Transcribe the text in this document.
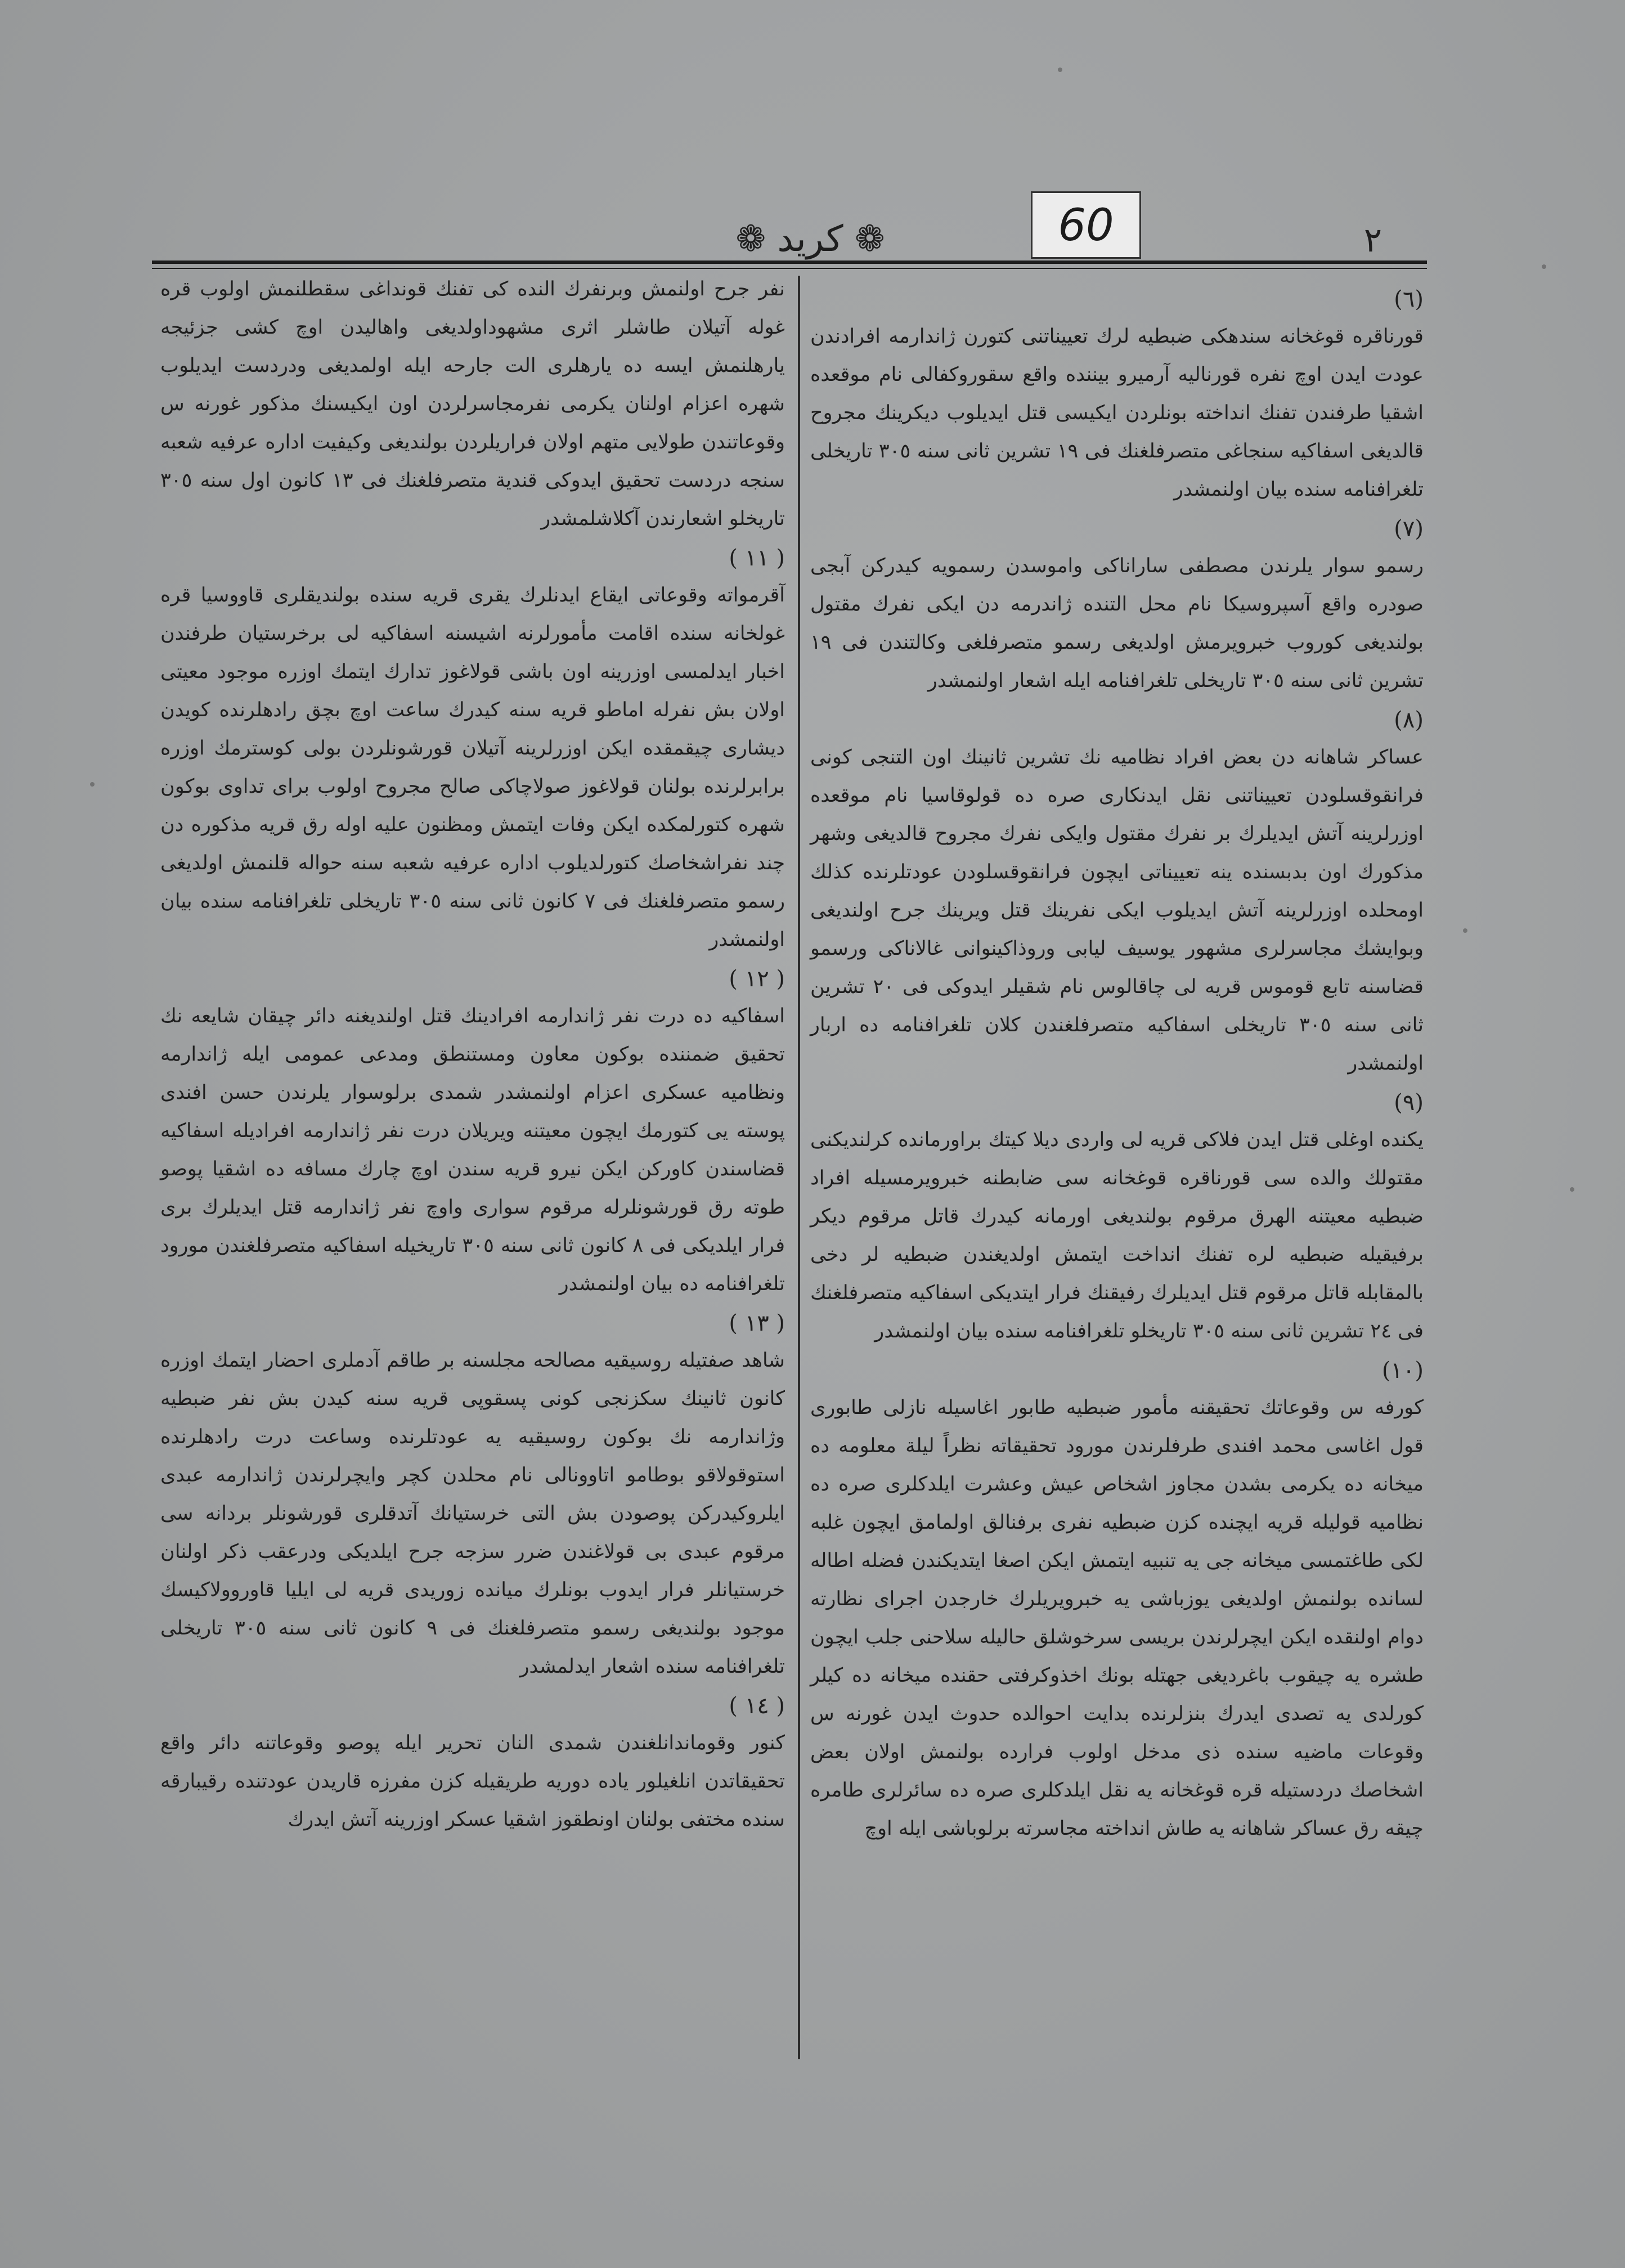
❁ كريد ❁	60	٢
(٦)
قورناقره قوغخانه سندهكى ضبطيه لرك تعييناتنى كتورن ژاندارمه افرادندن عودت ايدن اوچ نفره قورناليه آرميرو بيننده واقع سقوروكفالى نام موقعده اشقيا طرفندن تفنك انداخته بونلردن ايكيسى قتل ايديلوب ديكرينك مجروح قالديغى اسفاكيه سنجاغى متصرفلغنك فى ١٩ تشرين ثانى سنه ٣٠٥ تاريخلى تلغرافنامه سنده بيان اولنمشدر
(٧)
رسمو سوار يلرندن مصطفى ساراناكى واموسدن رسمويه كيدركن آبجى صودره واقع آسپروسيكا نام محل التنده ژاندرمه دن ايكى نفرك مقتول بولنديغى كوروب خبرويرمش اولديغى رسمو متصرفلغى وكالتندن فى ١٩ تشرين ثانى سنه ٣٠٥ تاريخلى تلغرافنامه ايله اشعار اولنمشدر
(٨)
عساكر شاهانه دن بعض افراد نظاميه نك تشرين ثانينك اون التنجى كونى فرانقوقسلودن تعييناتنى نقل ايدنكارى صره ده قولوقاسيا نام موقعده اوزرلرينه آتش ايديلرك بر نفرك مقتول وايكى نفرك مجروح قالديغى وشهر مذكورك اون بدبسنده ينه تعييناتى ايچون فرانقوقسلودن عودتلرنده كذلك اومحلده اوزرلرينه آتش ايديلوب ايكى نفرينك قتل ويرينك جرح اولنديغى وبوايشك مجاسرلرى مشهور يوسيف ليابى وروذاكينوانى غالاناكى ورسمو قضاسنه تابع قوموس قريه لى چاقالوس نام شقيلر ايدوكى فى ٢٠ تشرين ثانى سنه ٣٠٥ تاريخلى اسفاكيه متصرفلغندن كلان تلغرافنامه ده اربار اولنمشدر
(٩)
يكنده اوغلى قتل ايدن فلاكى قريه لى واردى ديلا كيتك براورمانده كرلنديكنى مقتولك والده سى قورناقره قوغخانه سى ضابطنه خبرويرمسيله افراد ضبطيه معيتنه الهرق مرقوم بولنديغى اورمانه كيدرك قاتل مرقوم ديكر برفيقيله ضبطيه لره تفنك انداخت ايتمش اولديغندن ضبطيه لر دخى بالمقابله قاتل مرقوم قتل ايديلرك رفيقنك فرار ايتديكى اسفاكيه متصرفلغنك فى ٢٤ تشرين ثانى سنه ٣٠٥ تاريخلو تلغرافنامه سنده بيان اولنمشدر
(١٠)
كورفه س وقوعاتك تحقيقنه مأمور ضبطيه طابور اغاسيله نازلى طابورى قول اغاسى محمد افندى طرفلرندن مورود تحقيقاته نظراً ليلة معلومه ده ميخانه ده يكرمى بشدن مجاوز اشخاص عيش وعشرت ايلدكلرى صره ده نظاميه قوليله قريه ايچنده كزن ضبطيه نفرى برفنالق اولمامق ايچون غلبه لكى طاغتمسى ميخانه جى يه تنبيه ايتمش ايكن اصغا ايتديكندن فضله اطاله لسانده بولنمش اولديغى يوزباشى يه خبرويريلرك خارجدن اجراى نظارته دوام اولنقده ايكن ايچرلرندن بريسى سرخوشلق حاليله سلاحنى جلب ايچون طشره يه چيقوب باغرديغى جهتله بونك اخذوكرفتى حقنده ميخانه ده كيلر كورلدى يه تصدى ايدرك بنزلرنده بدايت احوالده حدوث ايدن غورنه س وقوعات ماضيه سنده ذى مدخل اولوب فرارده بولنمش اولان بعض اشخاصك دردستيله قره قوغخانه يه نقل ايلدكلرى صره ده سائرلرى طامره چيقه رق عساكر شاهانه يه طاش انداخته مجاسرته برلوباشى ايله اوچ
نفر جرح اولنمش وبرنفرك النده كى تفنك قونداغى سقطلنمش اولوب قره غوله آتيلان طاشلر اثرى مشهوداولديغى واهاليدن اوچ كشى جزئيجه يارهلنمش ايسه ده يارهلرى الت جارحه ايله اولمديغى ودردست ايديلوب شهره اعزام اولنان يكرمى نفرمجاسرلردن اون ايكيسنك مذكور غورنه س وقوعاتندن طولايى متهم اولان فراريلردن بولنديغى وكيفيت اداره عرفيه شعبه سنجه دردست تحقيق ايدوكى قندية متصرفلغنك فى ١٣ كانون اول سنه ٣٠٥ تاريخلو اشعارندن آكلاشلمشدر
( ١١ )
آقرمواته وقوعاتى ايقاع ايدنلرك يقرى قريه سنده بولنديقلرى قاووسيا قره غولخانه سنده اقامت مأمورلرنه اشيسنه اسفاكيه لى برخرستيان طرفندن اخبار ايدلمسى اوزرينه اون باشى قولاغوز تدارك ايتمك اوزره موجود معيتى اولان بش نفرله اماطو قريه سنه كيدرك ساعت اوچ بچق رادهلرنده كويدن ديشارى چيقمقده ايكن اوزرلرينه آتيلان قورشونلردن بولى كوسترمك اوزره برابرلرنده بولنان قولاغوز صولاچاكى صالح مجروح اولوب براى تداوى بوكون شهره كتورلمكده ايكن وفات ايتمش ومظنون عليه اوله رق قريه مذكوره دن چند نفراشخاصك كتورلديلوب اداره عرفيه شعبه سنه حواله قلنمش اولديغى رسمو متصرفلغنك فى ٧ كانون ثانى سنه ٣٠٥ تاريخلى تلغرافنامه سنده بيان اولنمشدر
( ١٢ )
اسفاكيه ده درت نفر ژاندارمه افرادينك قتل اولنديغنه دائر چيقان شايعه نك تحقيق ضمننده بوكون معاون ومستنطق ومدعى عمومى ايله ژاندارمه ونظاميه عسكرى اعزام اولنمشدر شمدى برلوسوار يلرندن حسن افندى پوسته يى كتورمك ايچون معيتنه ويريلان درت نفر ژاندارمه افراديله اسفاكيه قضاسندن كاوركن ايكن نيرو قريه سندن اوچ چارك مسافه ده اشقيا پوصو طوته رق قورشونلرله مرقوم سوارى واوچ نفر ژاندارمه قتل ايديلرك برى فرار ايلديكى فى ٨ كانون ثانى سنه ٣٠٥ تاريخيله اسفاكيه متصرفلغندن مورود تلغرافنامه ده بيان اولنمشدر
( ١٣ )
شاهد صفتيله روسيقيه مصالحه مجلسنه بر طاقم آدملرى احضار ايتمك اوزره كانون ثانينك سكزنجى كونى پسقوپى قريه سنه كيدن بش نفر ضبطيه وژاندارمه نك بوكون روسيقيه يه عودتلرنده وساعت درت رادهلرنده استوقولاقو بوطامو اتاوونالى نام محلدن كچر وايچرلرندن ژاندارمه عبدى ايلروكيدركن پوصودن بش التى خرستيانك آتدقلرى قورشونلر بردانه سى مرقوم عبدى بى قولاغندن ضرر سزجه جرح ايلديكى ودرعقب ذكر اولنان خرستيانلر فرار ايدوب بونلرك ميانده زوريدى قريه لى ايليا قاوروولاكيسك موجود بولنديغى رسمو متصرفلغنك فى ٩ كانون ثانى سنه ٣٠٥ تاريخلى تلغرافنامه سنده اشعار ايدلمشدر
( ١٤ )
كنور وقوماندانلغندن شمدى النان تحرير ايله پوصو وقوعاتنه دائر واقع تحقيقاتدن انلغيلور ياده دوريه طريقيله كزن مفرزه قاريدن عودتنده رقيبارقه سنده مختفى بولنان اونطقوز اشقيا عسكر اوزرينه آتش ايدرك
